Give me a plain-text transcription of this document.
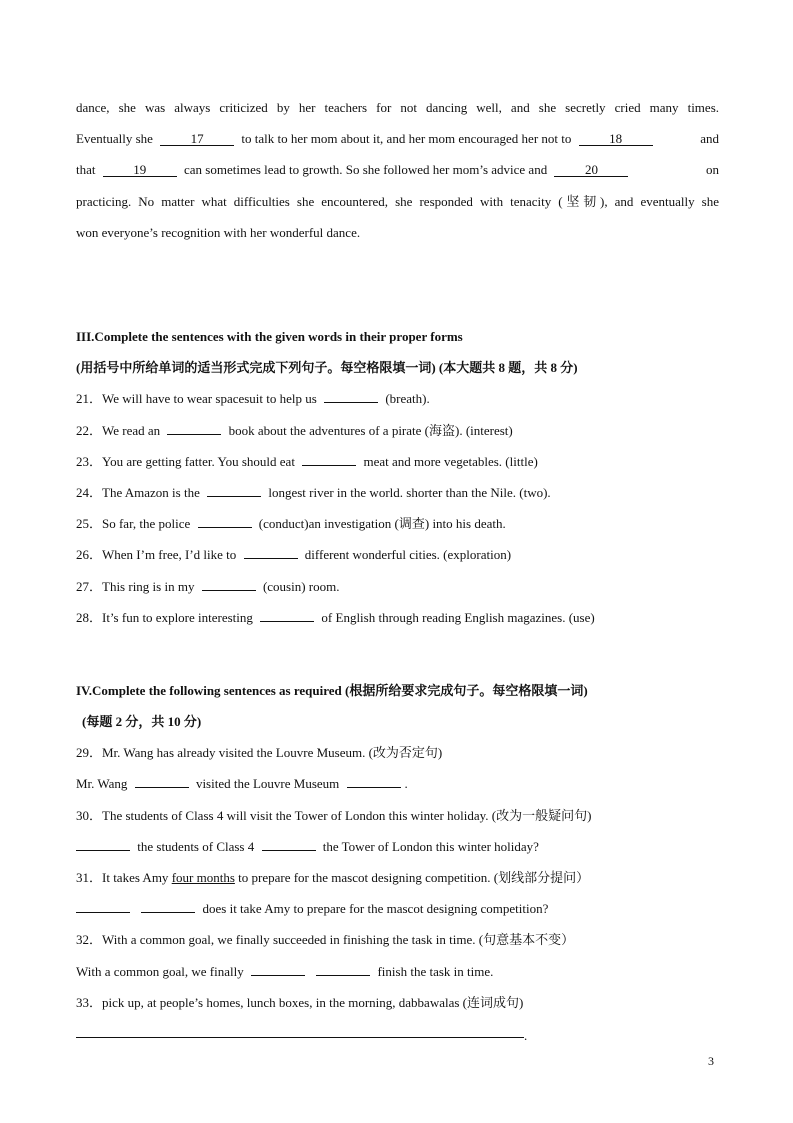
dance, she was always criticized by her teachers for not dancing well, and she secretly cried many times.
Eventually she	17	to talk to her mom about it, and her mom encouraged her not to	18	and
that	19	can sometimes lead to growth. So she followed her mom’s advice and	20	on
practicing. No matter what difficulties she encountered, she responded with tenacity (坚韧), and eventually she
won everyone’s recognition with her wonderful dance.
III.Complete the sentences with the given words in their proper forms
(用括号中所给单词的适当形式完成下列句子。每空格限填一词) (本大题共 8 题，共 8 分)
21．We will have to wear spacesuit to help us	(breath).
22．We read an	book about the adventures of a pirate (海盗). (interest)
23．You are getting fatter. You should eat	meat and more vegetables. (little)
24．The Amazon is the	longest river in the world. shorter than the Nile. (two).
25．So far, the police	(conduct)an investigation (调查) into his death.
26．When I’m free, I’d like to	different wonderful cities. (exploration)
27．This ring is in my	(cousin) room.
28．It’s fun to explore interesting	of English through reading English magazines. (use)
IV.Complete the following sentences as required (根据所给要求完成句子。每空格限填一词)
(每题 2 分，共 10 分)
29．Mr. Wang has already visited the Louvre Museum. (改为否定句)
Mr. Wang	visited the Louvre Museum	.
30．The students of Class 4 will visit the Tower of London this winter holiday. (改为一般疑问句)
the students of Class 4	the Tower of London this winter holiday?
31．It takes Amy four months to prepare for the mascot designing competition. (划线部分提问）
does it take Amy to prepare for the mascot designing competition?
32．With a common goal, we finally succeeded in finishing the task in time. (句意基本不变）
With a common goal, we finally	finish the task in time.
33．pick up, at people’s homes, lunch boxes, in the morning, dabbawalas (连词成句)
.
3
